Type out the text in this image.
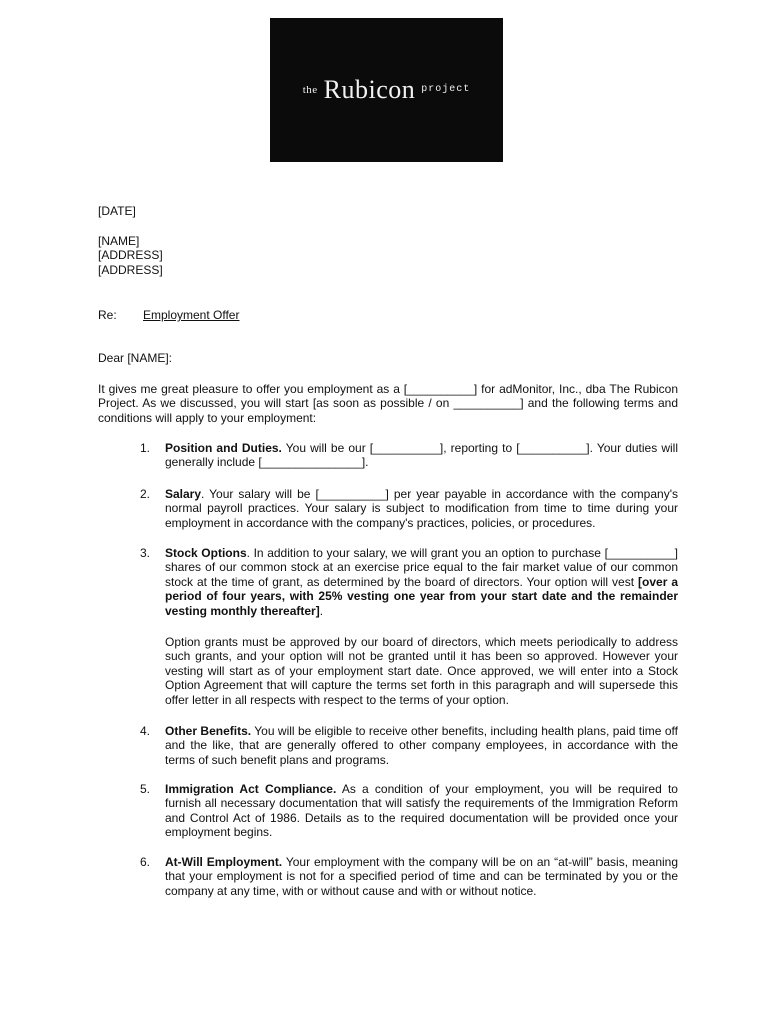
the Rubicon project
[DATE]
[NAME]
[ADDRESS]
[ADDRESS]
Re: Employment Offer
Dear [NAME]:
It gives me great pleasure to offer you employment as a [__________] for adMonitor, Inc., dba The Rubicon Project. As we discussed, you will start [as soon as possible / on __________] and the following terms and conditions will apply to your employment:
1.	Position and Duties. You will be our [__________], reporting to [__________]. Your duties will generally include [_______________].
2.	Salary. Your salary will be [__________] per year payable in accordance with the company's normal payroll practices. Your salary is subject to modification from time to time during your employment in accordance with the company's practices, policies, or procedures.
3.	Stock Options. In addition to your salary, we will grant you an option to purchase [__________] shares of our common stock at an exercise price equal to the fair market value of our common stock at the time of grant, as determined by the board of directors. Your option will vest [over a period of four years, with 25% vesting one year from your start date and the remainder vesting monthly thereafter].
Option grants must be approved by our board of directors, which meets periodically to address such grants, and your option will not be granted until it has been so approved. However your vesting will start as of your employment start date. Once approved, we will enter into a Stock Option Agreement that will capture the terms set forth in this paragraph and will supersede this offer letter in all respects with respect to the terms of your option.
4.	Other Benefits. You will be eligible to receive other benefits, including health plans, paid time off and the like, that are generally offered to other company employees, in accordance with the terms of such benefit plans and programs.
5.	Immigration Act Compliance. As a condition of your employment, you will be required to furnish all necessary documentation that will satisfy the requirements of the Immigration Reform and Control Act of 1986. Details as to the required documentation will be provided once your employment begins.
6.	At-Will Employment. Your employment with the company will be on an “at-will” basis, meaning that your employment is not for a specified period of time and can be terminated by you or the company at any time, with or without cause and with or without notice.
